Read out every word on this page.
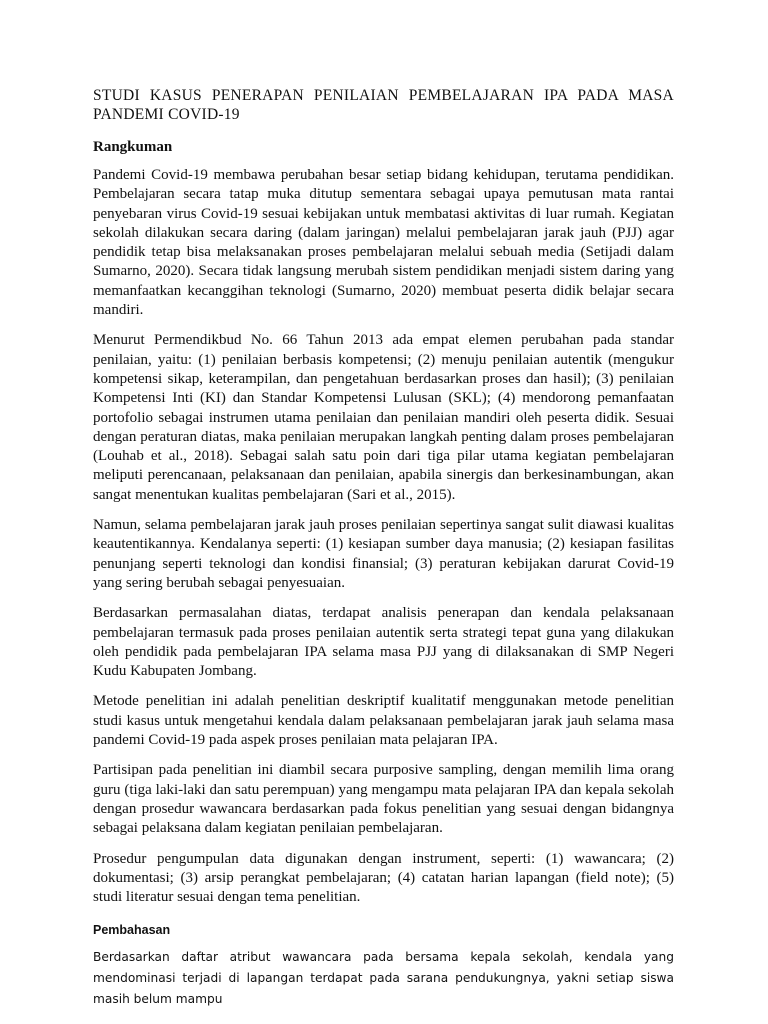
STUDI KASUS PENERAPAN PENILAIAN PEMBELAJARAN IPA PADA MASA PANDEMI COVID-19

Rangkuman

Pandemi Covid-19 membawa perubahan besar setiap bidang kehidupan, terutama pendidikan. Pembelajaran secara tatap muka ditutup sementara sebagai upaya pemutusan mata rantai penyebaran virus Covid-19 sesuai kebijakan untuk membatasi aktivitas di luar rumah. Kegiatan sekolah dilakukan secara daring (dalam jaringan) melalui pembelajaran jarak jauh (PJJ) agar pendidik tetap bisa melaksanakan proses pembelajaran melalui sebuah media (Setijadi dalam Sumarno, 2020). Secara tidak langsung merubah sistem pendidikan menjadi sistem daring yang memanfaatkan kecanggihan teknologi (Sumarno, 2020) membuat peserta didik belajar secara mandiri.

Menurut Permendikbud No. 66 Tahun 2013 ada empat elemen perubahan pada standar penilaian, yaitu: (1) penilaian berbasis kompetensi; (2) menuju penilaian autentik (mengukur kompetensi sikap, keterampilan, dan pengetahuan berdasarkan proses dan hasil); (3) penilaian Kompetensi Inti (KI) dan Standar Kompetensi Lulusan (SKL); (4) mendorong pemanfaatan portofolio sebagai instrumen utama penilaian dan penilaian mandiri oleh peserta didik. Sesuai dengan peraturan diatas, maka penilaian merupakan langkah penting dalam proses pembelajaran (Louhab et al., 2018). Sebagai salah satu poin dari tiga pilar utama kegiatan pembelajaran meliputi perencanaan, pelaksanaan dan penilaian, apabila sinergis dan berkesinambungan, akan sangat menentukan kualitas pembelajaran (Sari et al., 2015).

Namun, selama pembelajaran jarak jauh proses penilaian sepertinya sangat sulit diawasi kualitas keautentikannya. Kendalanya seperti: (1) kesiapan sumber daya manusia; (2) kesiapan fasilitas penunjang seperti teknologi dan kondisi finansial; (3) peraturan kebijakan darurat Covid-19 yang sering berubah sebagai penyesuaian.

Berdasarkan permasalahan diatas, terdapat analisis penerapan dan kendala pelaksanaan pembelajaran termasuk pada proses penilaian autentik serta strategi tepat guna yang dilakukan oleh pendidik pada pembelajaran IPA selama masa PJJ yang di dilaksanakan di SMP Negeri Kudu Kabupaten Jombang.

Metode penelitian ini adalah penelitian deskriptif kualitatif menggunakan metode penelitian studi kasus untuk mengetahui kendala dalam pelaksanaan pembelajaran jarak jauh selama masa pandemi Covid-19 pada aspek proses penilaian mata pelajaran IPA.

Partisipan pada penelitian ini diambil secara purposive sampling, dengan memilih lima orang guru (tiga laki-laki dan satu perempuan) yang mengampu mata pelajaran IPA dan kepala sekolah dengan prosedur wawancara berdasarkan pada fokus penelitian yang sesuai dengan bidangnya sebagai pelaksana dalam kegiatan penilaian pembelajaran.

Prosedur pengumpulan data digunakan dengan instrument, seperti: (1) wawancara; (2) dokumentasi; (3) arsip perangkat pembelajaran; (4) catatan harian lapangan (field note); (5) studi literatur sesuai dengan tema penelitian.

Pembahasan

Berdasarkan daftar atribut wawancara pada bersama kepala sekolah, kendala yang mendominasi terjadi di lapangan terdapat pada sarana pendukungnya, yakni setiap siswa masih belum mampu
